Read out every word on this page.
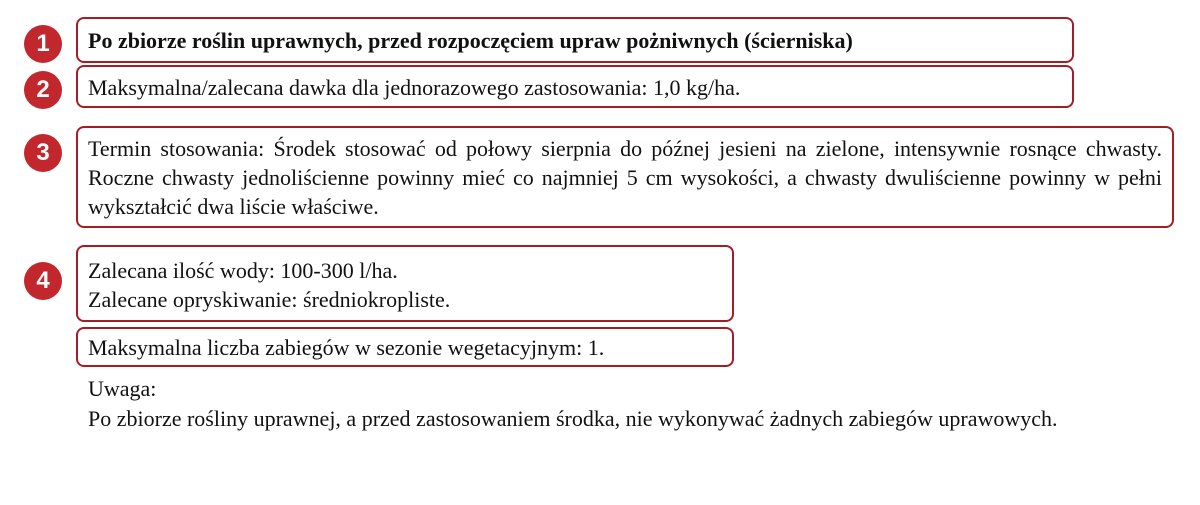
1	Po zbiorze roślin uprawnych, przed rozpoczęciem upraw pożniwnych (ścierniska)
2	Maksymalna/zalecana dawka dla jednorazowego zastosowania: 1,0 kg/ha.
3	Termin stosowania: Środek stosować od połowy sierpnia do późnej jesieni na zielone, intensywnie rosnące chwasty. Roczne chwasty jednoliścienne powinny mieć co najmniej 5 cm wysokości, a chwasty dwuliścienne powinny w pełni wykształcić dwa liście właściwe.
4	Zalecana ilość wody: 100-300 l/ha.
Zalecane opryskiwanie: średniokropliste.
Maksymalna liczba zabiegów w sezonie wegetacyjnym: 1.
Uwaga:
Po zbiorze rośliny uprawnej, a przed zastosowaniem środka, nie wykonywać żadnych zabiegów uprawowych.
